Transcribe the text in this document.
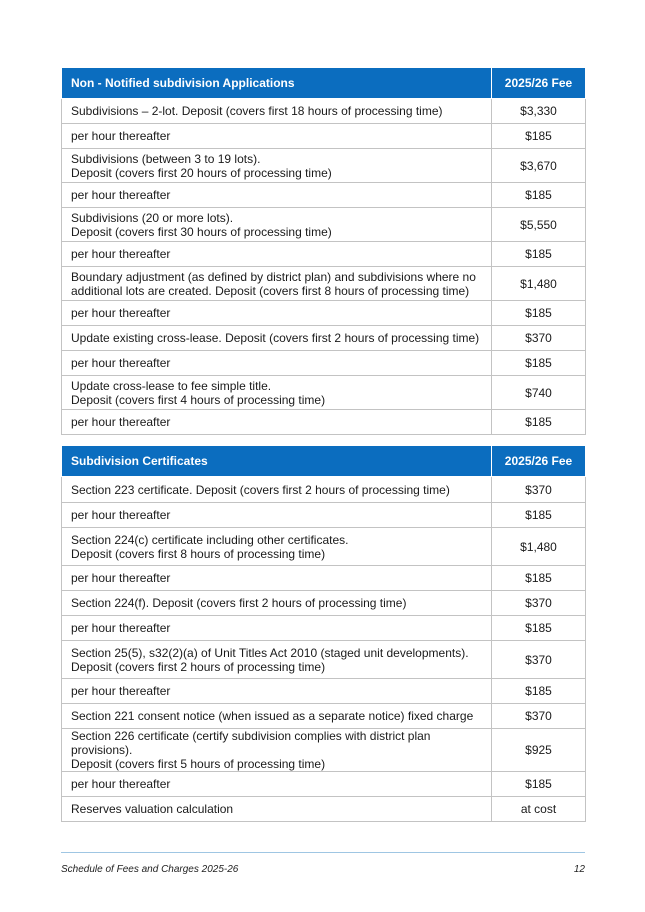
Non - Notified subdivision Applications	2025/26 Fee
Subdivisions – 2-lot. Deposit (covers first 18 hours of processing time)	$3,330
per hour thereafter	$185
Subdivisions (between 3 to 19 lots).
Deposit (covers first 20 hours of processing time)	$3,670
per hour thereafter	$185
Subdivisions (20 or more lots).
Deposit (covers first 30 hours of processing time)	$5,550
per hour thereafter	$185
Boundary adjustment (as defined by district plan) and subdivisions where no
additional lots are created. Deposit (covers first 8 hours of processing time)	$1,480
per hour thereafter	$185
Update existing cross-lease. Deposit (covers first 2 hours of processing time)	$370
per hour thereafter	$185
Update cross-lease to fee simple title.
Deposit (covers first 4 hours of processing time)	$740
per hour thereafter	$185
Subdivision Certificates	2025/26 Fee
Section 223 certificate. Deposit (covers first 2 hours of processing time)	$370
per hour thereafter	$185
Section 224(c) certificate including other certificates.
Deposit (covers first 8 hours of processing time)	$1,480
per hour thereafter	$185
Section 224(f). Deposit (covers first 2 hours of processing time)	$370
per hour thereafter	$185
Section 25(5), s32(2)(a) of Unit Titles Act 2010 (staged unit developments).
Deposit (covers first 2 hours of processing time)	$370
per hour thereafter	$185
Section 221 consent notice (when issued as a separate notice) fixed charge	$370
Section 226 certificate (certify subdivision complies with district plan provisions).
Deposit (covers first 5 hours of processing time)	$925
per hour thereafter	$185
Reserves valuation calculation	at cost
Schedule of Fees and Charges 2025-26	12
